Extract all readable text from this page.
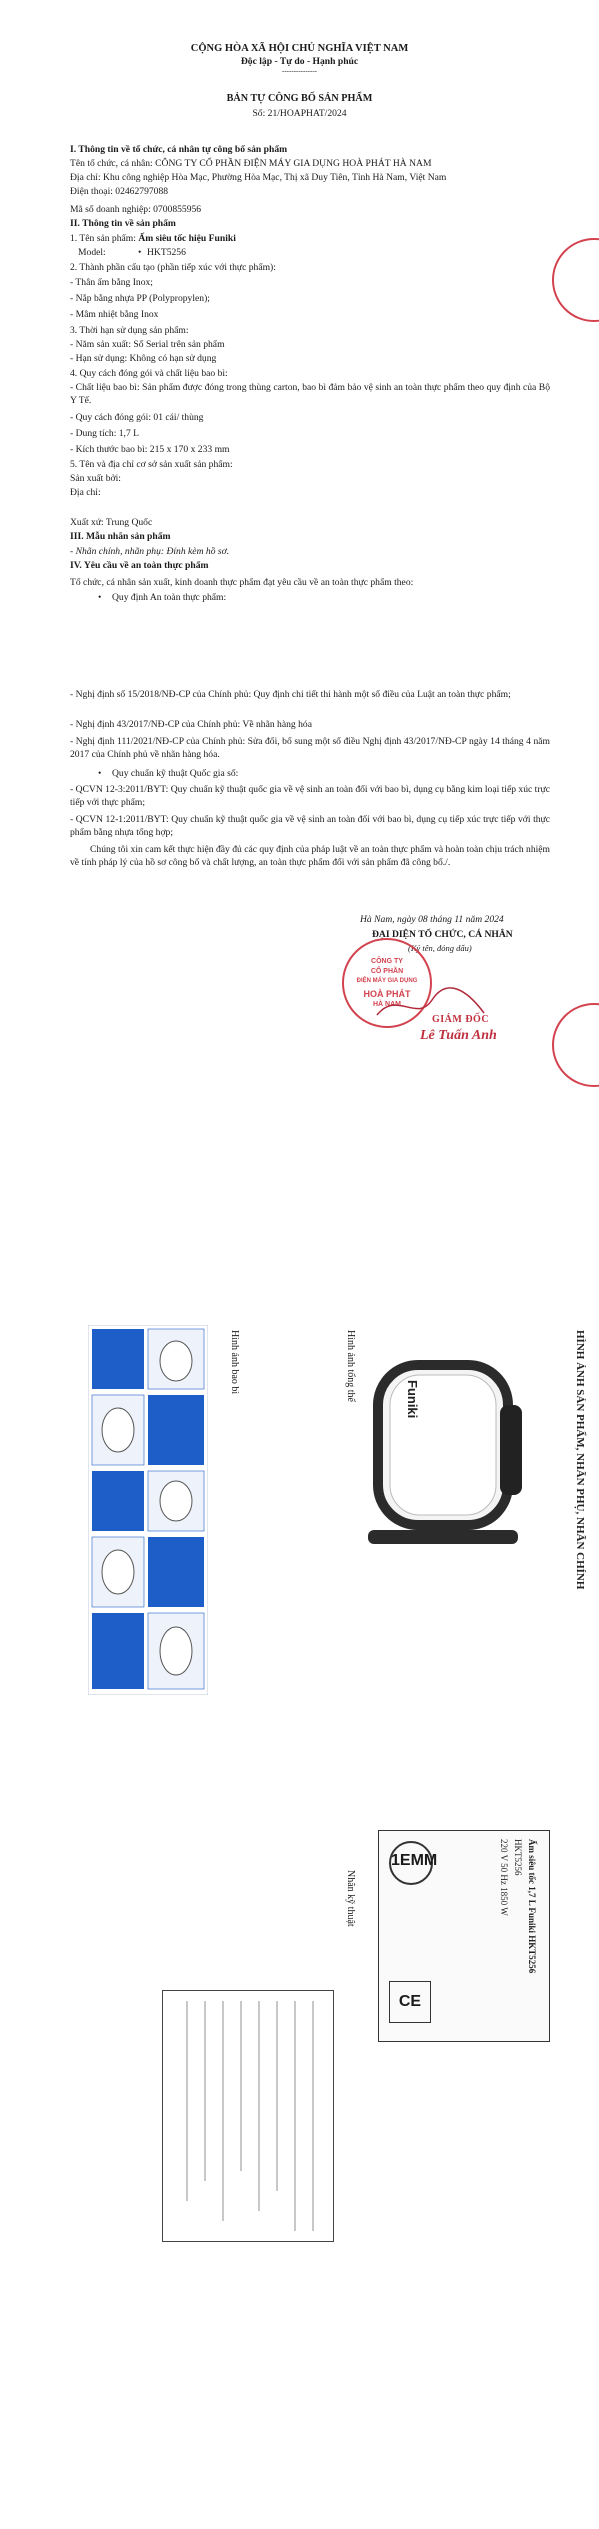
CỘNG HÒA XÃ HỘI CHỦ NGHĨA VIỆT NAM
Độc lập - Tự do - Hạnh phúc
---------------
BẢN TỰ CÔNG BỐ SẢN PHẨM
Số: 21/HOAPHAT/2024
I. Thông tin về tổ chức, cá nhân tự công bố sản phẩm
Tên tổ chức, cá nhân: CÔNG TY CỔ PHẦN ĐIỆN MÁY GIA DỤNG HOÀ PHÁT HÀ NAM
Địa chỉ: Khu công nghiệp Hòa Mạc, Phường Hòa Mạc, Thị xã Duy Tiên, Tỉnh Hà Nam, Việt Nam
Điện thoại: 02462797088
Mã số doanh nghiệp: 0700855956
II. Thông tin về sản phẩm
1. Tên sản phẩm: Ấm siêu tốc hiệu Funiki
Model:	• HKT5256
2. Thành phần cấu tạo (phần tiếp xúc với thực phẩm):
- Thân ấm bằng Inox;
- Nắp bằng nhựa PP (Polypropylen);
- Mâm nhiệt bằng Inox
3. Thời hạn sử dụng sản phẩm:
- Năm sản xuất: Số Serial trên sản phẩm
- Hạn sử dụng: Không có hạn sử dụng
4. Quy cách đóng gói và chất liệu bao bì:
- Chất liệu bao bì: Sản phẩm được đóng trong thùng carton, bao bì đảm bảo vệ sinh an toàn thực phẩm theo quy định của Bộ Y Tế.
- Quy cách đóng gói: 01 cái/ thùng
- Dung tích: 1,7 L
- Kích thước bao bì: 215 x 170 x 233 mm
5. Tên và địa chỉ cơ sở sản xuất sản phẩm:
Sản xuất bởi:
Địa chỉ:
Xuất xứ: Trung Quốc
III. Mẫu nhãn sản phẩm
- Nhãn chính, nhãn phụ: Đính kèm hồ sơ.
IV. Yêu cầu về an toàn thực phẩm
Tổ chức, cá nhân sản xuất, kinh doanh thực phẩm đạt yêu cầu về an toàn thực phẩm theo:
• Quy định An toàn thực phẩm:
- Nghị định số 15/2018/NĐ-CP của Chính phủ: Quy định chi tiết thi hành một số điều của Luật an toàn thực phẩm;
- Nghị định 43/2017/NĐ-CP của Chính phủ: Về nhãn hàng hóa
- Nghị định 111/2021/NĐ-CP của Chính phủ: Sửa đổi, bổ sung một số điều Nghị định 43/2017/NĐ-CP ngày 14 tháng 4 năm 2017 của Chính phủ về nhãn hàng hóa.
• Quy chuẩn kỹ thuật Quốc gia số:
- QCVN 12-3:2011/BYT: Quy chuẩn kỹ thuật quốc gia về vệ sinh an toàn đối với bao bì, dụng cụ bằng kim loại tiếp xúc trực tiếp với thực phẩm;
- QCVN 12-1:2011/BYT: Quy chuẩn kỹ thuật quốc gia về vệ sinh an toàn đối với bao bì, dụng cụ tiếp xúc trực tiếp với thực phẩm bằng nhựa tổng hợp;
Chúng tôi xin cam kết thực hiện đầy đủ các quy định của pháp luật về an toàn thực phẩm và hoàn toàn chịu trách nhiệm về tính pháp lý của hồ sơ công bố và chất lượng, an toàn thực phẩm đối với sản phẩm đã công bố./.
Hà Nam, ngày 08 tháng 11 năm 2024
ĐẠI DIỆN TỔ CHỨC, CÁ NHÂN
(Ký tên, đóng dấu)
CÔNG TY
CỔ PHẦN
ĐIỆN MÁY GIA DỤNG
HOÀ PHÁT
HÀ NAM
GIÁM ĐỐC
Lê Tuấn Anh
Funiki	HÌNH ẢNH SẢN PHẨM, NHÃN PHỤ, NHÃN CHÍNH
Hình ảnh tổng thể
Hình ảnh bao bì
Nhãn kỹ thuật	Ấm siêu tốc 1,7 L Funiki HKT5256
HKT5256
220 V 50 Hz 1850 W
CE
1EMM
